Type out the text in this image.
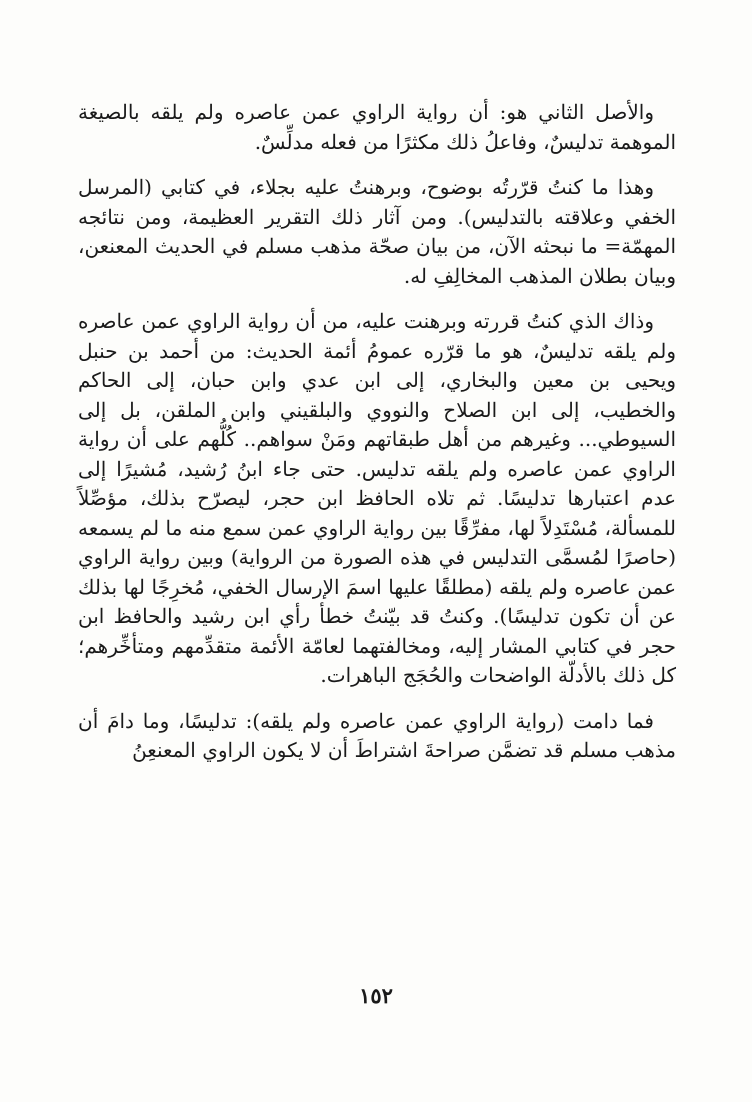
والأصل الثاني هو: أن رواية الراوي عمن عاصره ولم يلقه بالصيغة الموهمة تدليسٌ، وفاعلُ ذلك مكثرًا من فعله مدلِّسٌ.

وهذا ما كنتُ قرّرتُه بوضوح، وبرهنتُ عليه بجلاء، في كتابي (المرسل الخفي وعلاقته بالتدليس). ومن آثار ذلك التقرير العظيمة، ومن نتائجه المهمّة= ما نبحثه الآن، من بيان صحّة مذهب مسلم في الحديث المعنعن، وبيان بطلان المذهب المخالِفِ له.

وذاك الذي كنتُ قررته وبرهنت عليه، من أن رواية الراوي عمن عاصره ولم يلقه تدليسٌ، هو ما قرّره عمومُ أئمة الحديث: من أحمد بن حنبل ويحيى بن معين والبخاري، إلى ابن عدي وابن حبان، إلى الحاكم والخطيب، إلى ابن الصلاح والنووي والبلقيني وابن الملقن، بل إلى السيوطي... وغيرهم من أهل طبقاتهم ومَنْ سواهم.. كُلُّهم على أن رواية الراوي عمن عاصره ولم يلقه تدليس. حتى جاء ابنُ رُشيد، مُشيرًا إلى عدم اعتبارها تدليسًا. ثم تلاه الحافظ ابن حجر، ليصرّح بذلك، مؤصِّلاً للمسألة، مُسْتَدِلاً لها، مفرِّقًا بين رواية الراوي عمن سمع منه ما لم يسمعه (حاصرًا لمُسمَّى التدليس في هذه الصورة من الرواية) وبين رواية الراوي عمن عاصره ولم يلقه (مطلقًا عليها اسمَ الإرسال الخفي، مُخرِجًا لها بذلك عن أن تكون تدليسًا). وكنتُ قد بيّنتُ خطأ رأي ابن رشيد والحافظ ابن حجر في كتابي المشار إليه، ومخالفتهما لعامّة الأئمة متقدِّمهم ومتأخِّرهم؛ كل ذلك بالأدلّة الواضحات والحُجَج الباهرات.

فما دامت (رواية الراوي عمن عاصره ولم يلقه): تدليسًا، وما دامَ أن مذهب مسلم قد تضمَّن صراحةَ اشتراطَ أن لا يكون الراوي المعنعِنُ

١٥٢
